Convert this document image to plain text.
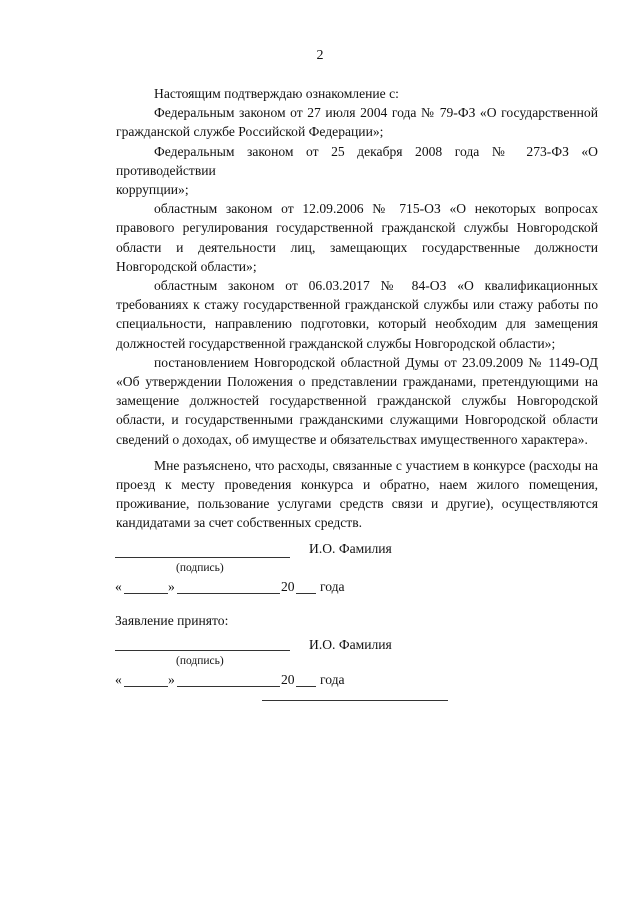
2

Настоящим подтверждаю ознакомление с:

Федеральным законом от 27 июля 2004 года № 79-ФЗ «О государственной

гражданской службе Российской Федерации»;

Федеральным законом от 25 декабря 2008 года № 273-ФЗ «О противодействии

коррупции»;

областным законом от 12.09.2006 № 715-ОЗ «О некоторых вопросах правового регулирования государственной гражданской службы Новгородской области и деятельности лиц, замещающих государственные должности Новгородской области»;

областным законом от 06.03.2017 № 84-ОЗ «О квалификационных требованиях к стажу государственной гражданской службы или стажу работы по специальности, направлению подготовки, который необходим для замещения должностей государственной гражданской службы Новгородской области»;

постановлением Новгородской областной Думы от 23.09.2009 № 1149-ОД

«Об утверждении Положения о представлении гражданами, претендующими на замещение должностей государственной гражданской службы Новгородской области, и государственными гражданскими служащими Новгородской области сведений о доходах, об имуществе и обязательствах имущественного характера».

Мне разъяснено, что расходы, связанные с участием в конкурсе (расходы на проезд к месту проведения конкурса и обратно, наем жилого помещения, проживание, пользование услугами средств связи и другие), осуществляются кандидатами за счет собственных средств.

И.О. Фамилия
(подпись)
«	»	20 года
Заявление принято:
И.О. Фамилия
(подпись)
«	»	20 года
